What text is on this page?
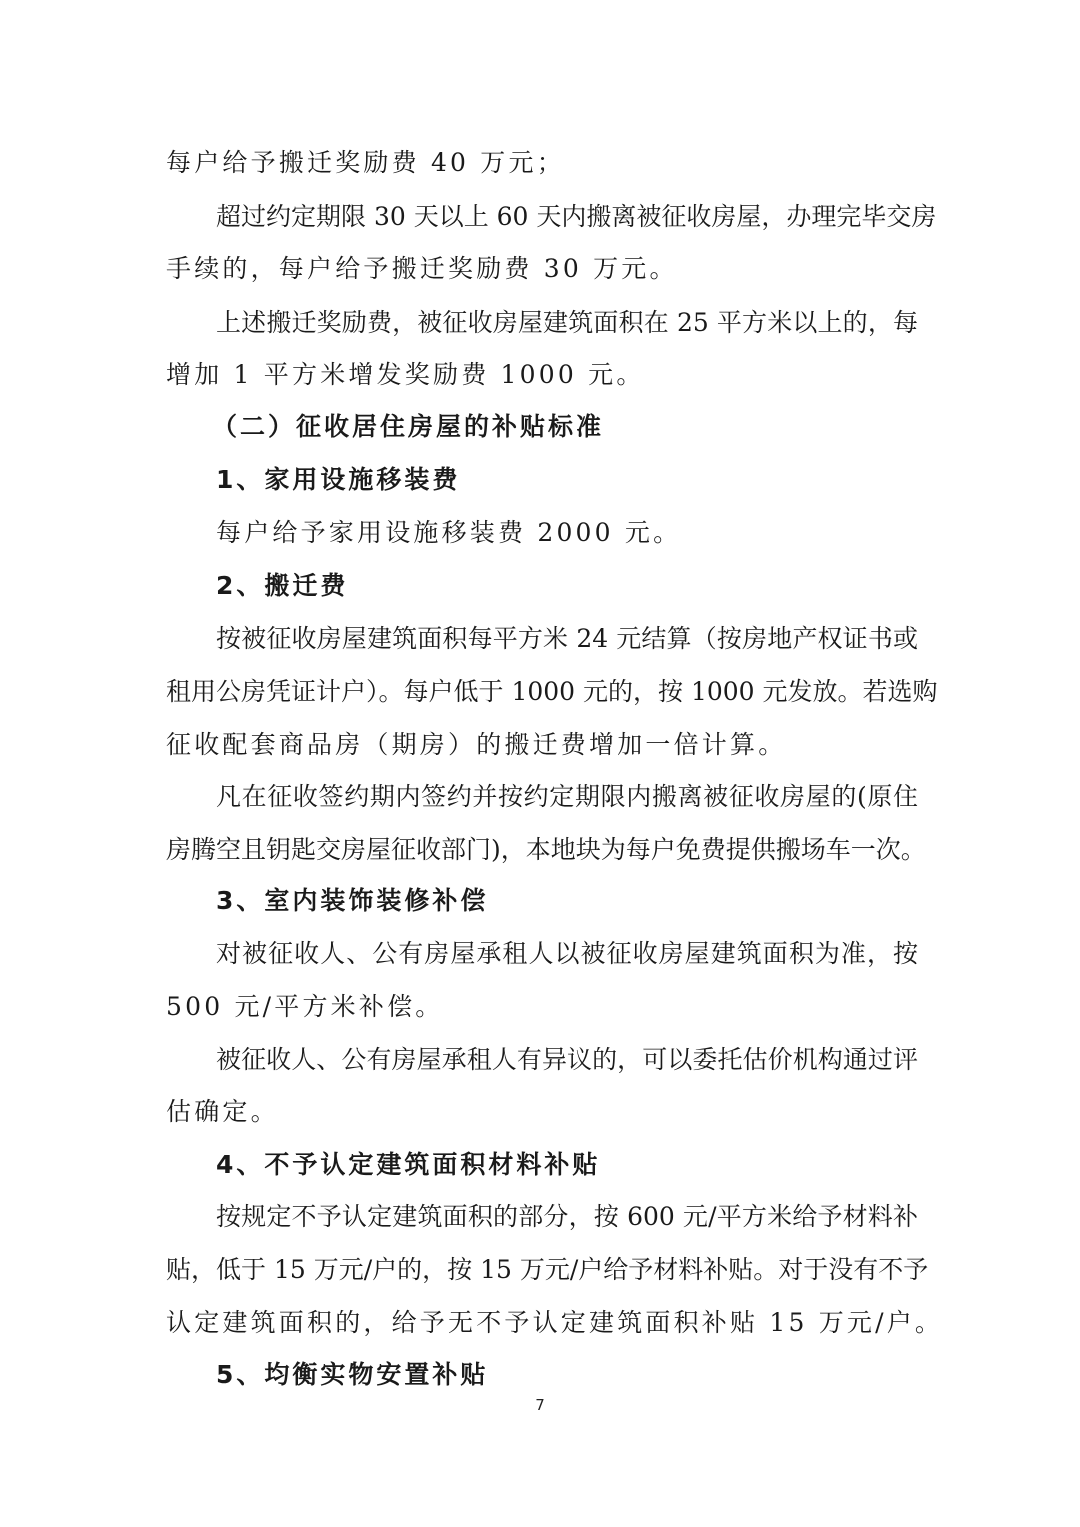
每户给予搬迁奖励费 40 万元；
超过约定期限 30 天以上 60 天内搬离被征收房屋，办理完毕交房
手续的，每户给予搬迁奖励费 30 万元。
上述搬迁奖励费，被征收房屋建筑面积在 25 平方米以上的，每
增加 1 平方米增发奖励费 1000 元。
（二）征收居住房屋的补贴标准
1、家用设施移装费
每户给予家用设施移装费 2000 元。
2、搬迁费
按被征收房屋建筑面积每平方米 24 元结算（按房地产权证书或
租用公房凭证计户）。每户低于 1000 元的，按 1000 元发放。若选购
征收配套商品房（期房）的搬迁费增加一倍计算。
凡在征收签约期内签约并按约定期限内搬离被征收房屋的(原住
房腾空且钥匙交房屋征收部门)，本地块为每户免费提供搬场车一次。
3、室内装饰装修补偿
对被征收人、公有房屋承租人以被征收房屋建筑面积为准，按
500 元/平方米补偿。
被征收人、公有房屋承租人有异议的，可以委托估价机构通过评
估确定。
4、不予认定建筑面积材料补贴
按规定不予认定建筑面积的部分，按 600 元/平方米给予材料补
贴，低于 15 万元/户的，按 15 万元/户给予材料补贴。对于没有不予
认定建筑面积的，给予无不予认定建筑面积补贴 15 万元/户。
5、均衡实物安置补贴
7
